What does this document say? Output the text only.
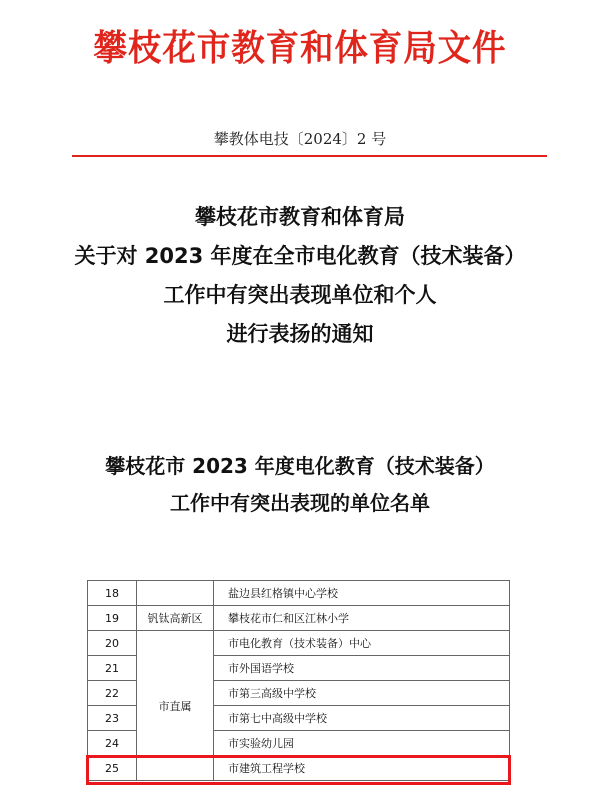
攀枝花市教育和体育局文件
攀教体电技〔2024〕2 号
攀枝花市教育和体育局
关于对 2023 年度在全市电化教育（技术装备）
工作中有突出表现单位和个人
进行表扬的通知
攀枝花市 2023 年度电化教育（技术装备）
工作中有突出表现的单位名单
18		盐边县红格镇中心学校
19	钒钛高新区	攀枝花市仁和区江林小学
20	市直属	市电化教育（技术装备）中心
21		市外国语学校
22		市第三高级中学校
23		市第七中高级中学校
24		市实验幼儿园
25		市建筑工程学校
